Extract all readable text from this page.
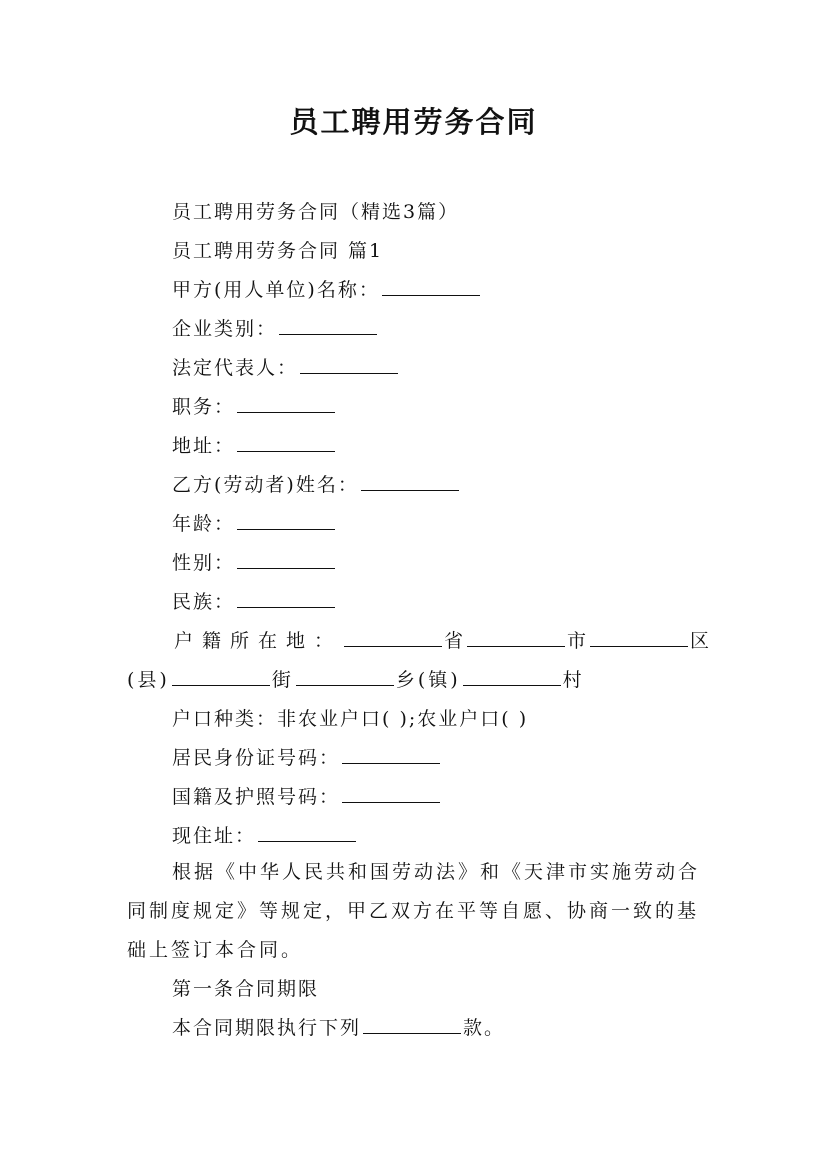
员工聘用劳务合同
员工聘用劳务合同（精选3篇）
员工聘用劳务合同 篇1
甲方(用人单位)名称：
企业类别：
法定代表人：
职务：
地址：
乙方(劳动者)姓名：
年龄：
性别：
民族：
户籍所在地：	省	市	区
(县)	街	乡(镇)	村
户口种类：非农业户口( );农业户口( )
居民身份证号码：
国籍及护照号码：
现住址：
根据《中华人民共和国劳动法》和《天津市实施劳动合同制度规定》等规定，甲乙双方在平等自愿、协商一致的基础上签订本合同。
第一条合同期限
本合同期限执行下列	款。
